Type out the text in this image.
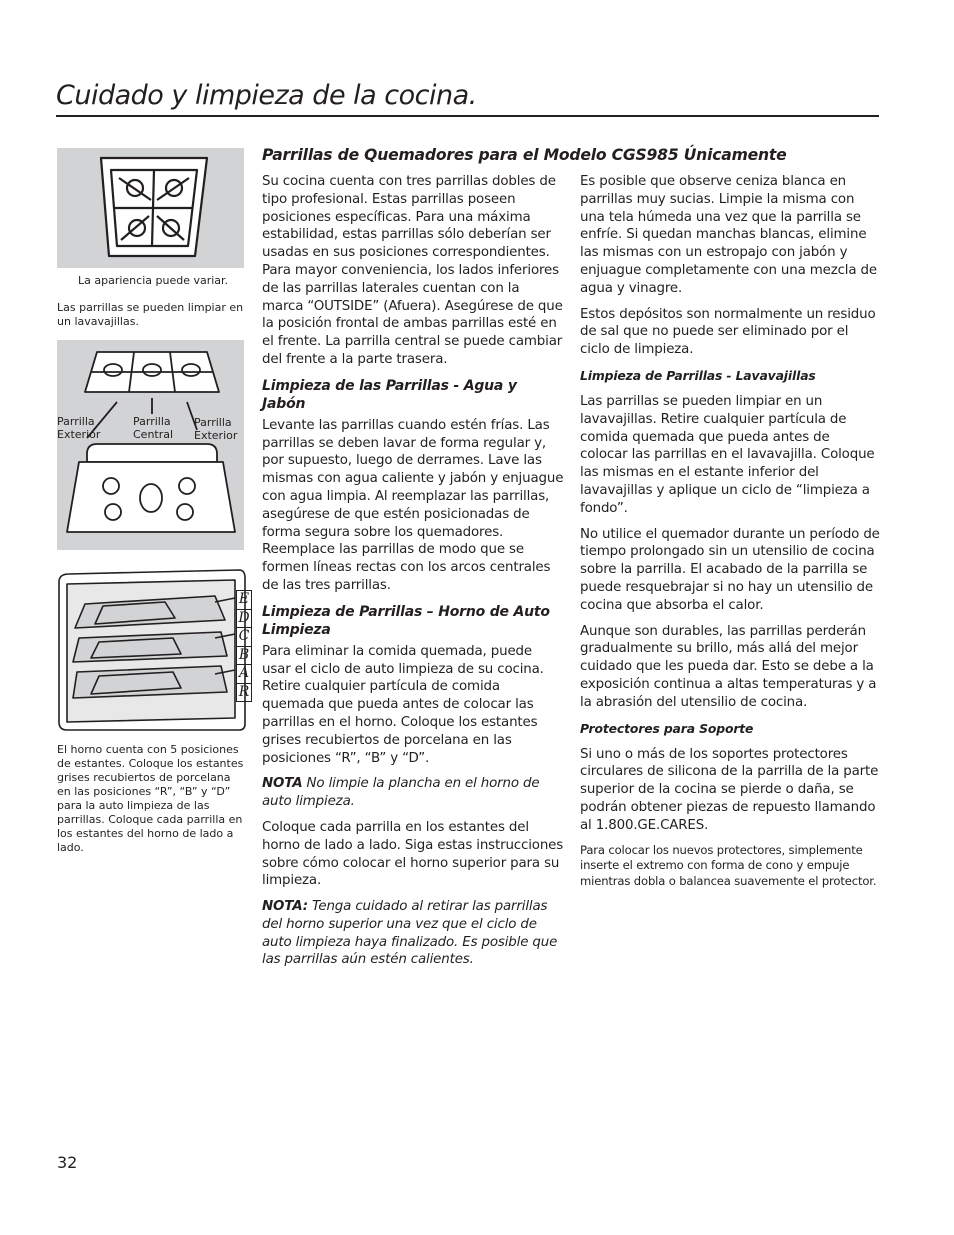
Cuidado y limpieza de la cocina.
La apariencia puede variar.
Las parrillas se pueden limpiar en un lavavajillas.
Parrilla Exterior
Parrilla Central
Parrilla Exterior
E
D
C
B
A
R
El horno cuenta con 5 posiciones de estantes. Coloque los estantes grises recubiertos de porcelana en las posiciones “R”, “B” y “D” para la auto limpieza de las parrillas. Coloque cada parrilla en los estantes del horno de lado a lado.
Parrillas de Quemadores para el Modelo CGS985 Únicamente

Su cocina cuenta con tres parrillas dobles de tipo profesional. Estas parrillas poseen posiciones específicas. Para una máxima estabilidad, estas parrillas sólo deberían ser usadas en sus posiciones correspondientes. Para mayor conveniencia, los lados inferiores de las parrillas laterales cuentan con la marca “OUTSIDE” (Afuera). Asegúrese de que la posición frontal de ambas parrillas esté en el frente. La parrilla central se puede cambiar del frente a la parte trasera.

Limpieza de las Parrillas - Agua y Jabón

Levante las parrillas cuando estén frías. Las parrillas se deben lavar de forma regular y, por supuesto, luego de derrames. Lave las mismas con agua caliente y jabón y enjuague con agua limpia. Al reemplazar las parrillas, asegúrese de que estén posicionadas de forma segura sobre los quemadores. Reemplace las parrillas de modo que se formen líneas rectas con los arcos centrales de las tres parrillas.

Limpieza de Parrillas – Horno de Auto Limpieza

Para eliminar la comida quemada, puede usar el ciclo de auto limpieza de su cocina. Retire cualquier partícula de comida quemada que pueda antes de colocar las parrillas en el horno. Coloque los estantes grises recubiertos de porcelana en las posiciones “R”, “B” y “D”.

NOTA No limpie la plancha en el horno de auto limpieza.

Coloque cada parrilla en los estantes del horno de lado a lado. Siga estas instrucciones sobre cómo colocar el horno superior para su limpieza.

NOTA: Tenga cuidado al retirar las parrillas del horno superior una vez que el ciclo de auto limpieza haya finalizado. Es posible que las parrillas aún estén calientes.

Es posible que observe ceniza blanca en parrillas muy sucias. Limpie la misma con una tela húmeda una vez que la parrilla se enfríe. Si quedan manchas blancas, elimine las mismas con un estropajo con jabón y enjuague completamente con una mezcla de agua y vinagre.

Estos depósitos son normalmente un residuo de sal que no puede ser eliminado por el ciclo de limpieza.

Limpieza de Parrillas - Lavavajillas

Las parrillas se pueden limpiar en un lavavajillas. Retire cualquier partícula de comida quemada que pueda antes de colocar las parrillas en el lavavajilla. Coloque las mismas en el estante inferior del lavavajillas y aplique un ciclo de “limpieza a fondo”.

No utilice el quemador durante un período de tiempo prolongado sin un utensilio de cocina sobre la parrilla. El acabado de la parrilla se puede resquebrajar si no hay un utensilio de cocina que absorba el calor.

Aunque son durables, las parrillas perderán gradualmente su brillo, más allá del mejor cuidado que les pueda dar. Esto se debe a la exposición continua a altas temperaturas y a la abrasión del utensilio de cocina.

Protectores para Soporte

Si uno o más de los soportes protectores circulares de silicona de la parrilla de la parte superior de la cocina se pierde o daña, se podrán obtener piezas de repuesto llamando al 1.800.GE.CARES.

Para colocar los nuevos protectores, simplemente inserte el extremo con forma de cono y empuje mientras dobla o balancea suavemente el protector.

32
